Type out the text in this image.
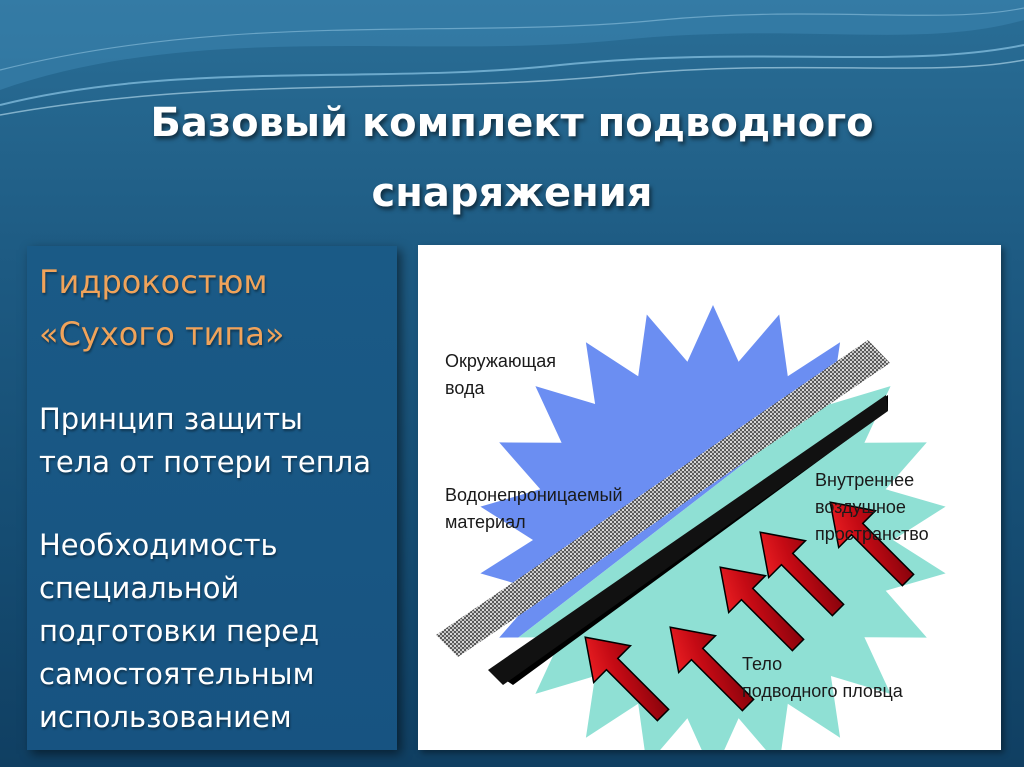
Базовый комплект подводного
снаряжения
Гидрокостюм
«Сухого типа»
Принцип защиты
тела от потери тепла
Необходимость
специальной
подготовки перед
самостоятельным
использованием
Окружающая
вода
Водонепроницаемый
материал
Внутреннее
воздушное
пространство
Тело
подводного пловца
